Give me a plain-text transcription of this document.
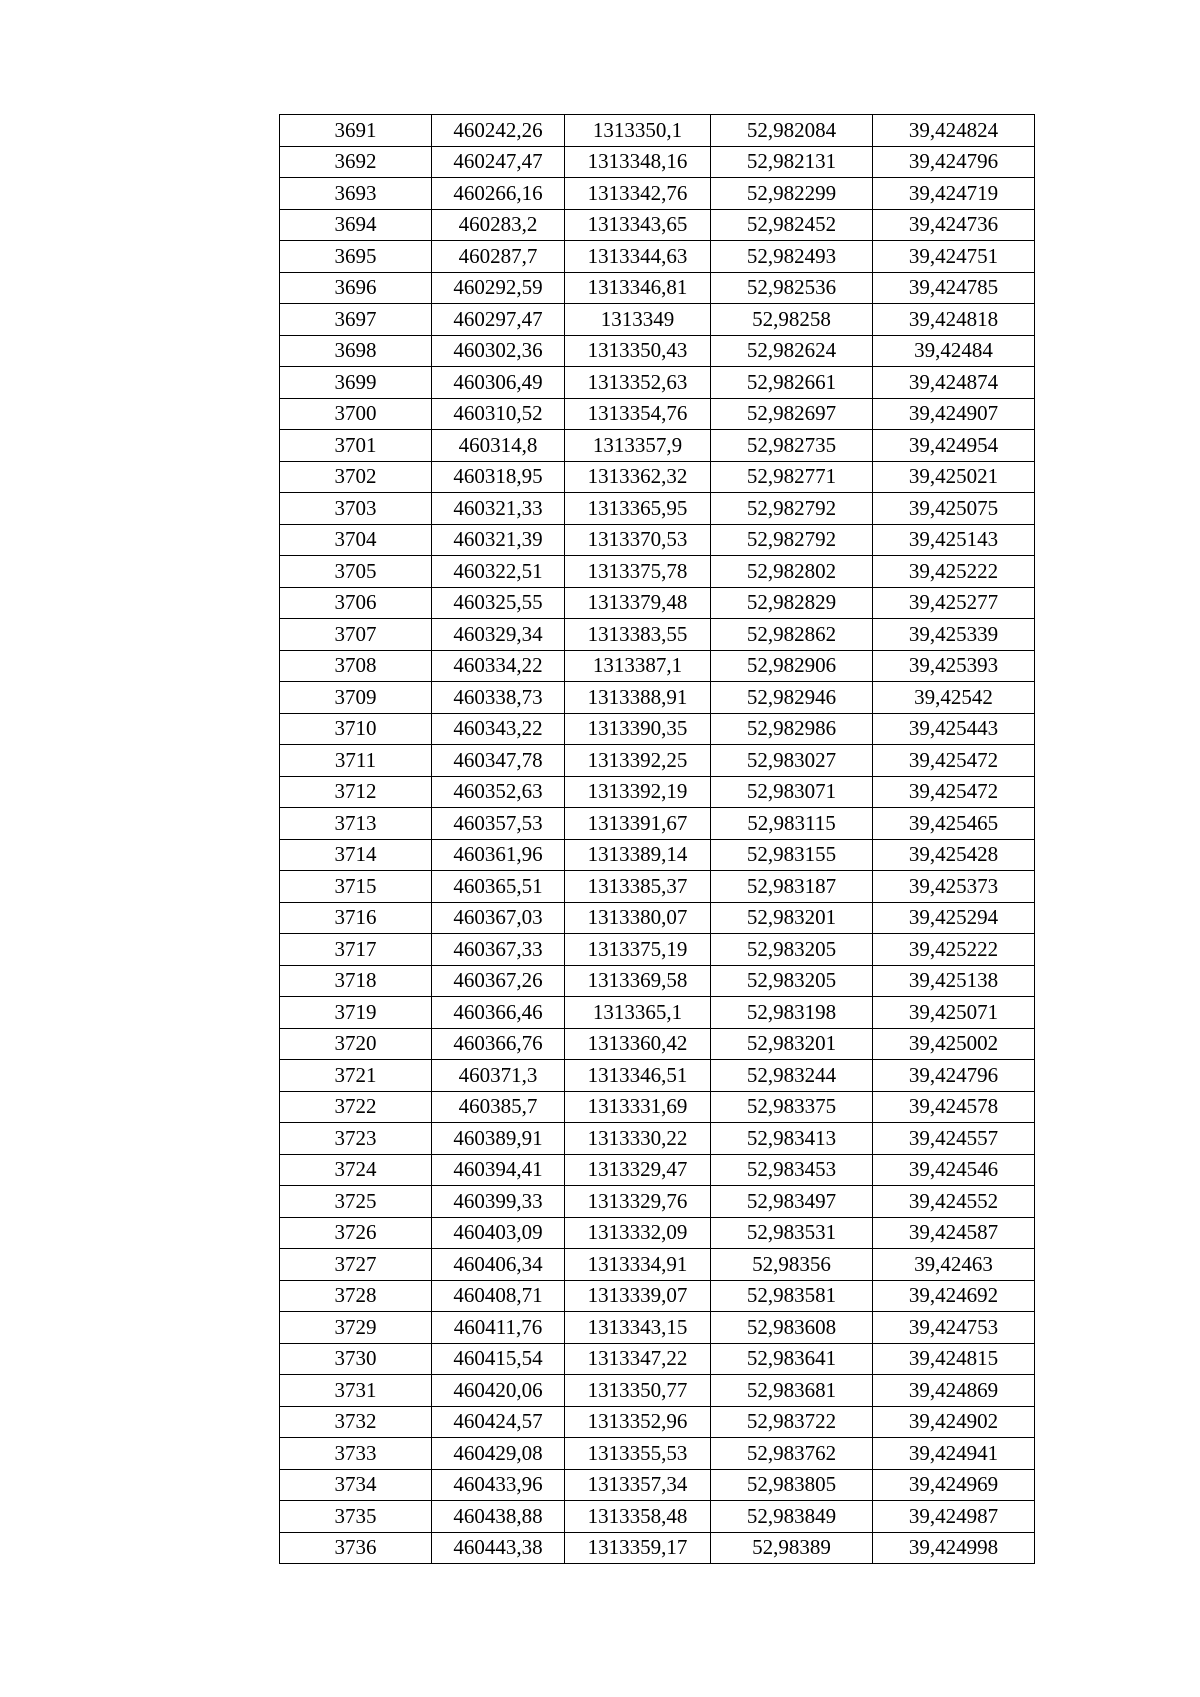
3691	460242,26	1313350,1	52,982084	39,424824
3692	460247,47	1313348,16	52,982131	39,424796
3693	460266,16	1313342,76	52,982299	39,424719
3694	460283,2	1313343,65	52,982452	39,424736
3695	460287,7	1313344,63	52,982493	39,424751
3696	460292,59	1313346,81	52,982536	39,424785
3697	460297,47	1313349	52,98258	39,424818
3698	460302,36	1313350,43	52,982624	39,42484
3699	460306,49	1313352,63	52,982661	39,424874
3700	460310,52	1313354,76	52,982697	39,424907
3701	460314,8	1313357,9	52,982735	39,424954
3702	460318,95	1313362,32	52,982771	39,425021
3703	460321,33	1313365,95	52,982792	39,425075
3704	460321,39	1313370,53	52,982792	39,425143
3705	460322,51	1313375,78	52,982802	39,425222
3706	460325,55	1313379,48	52,982829	39,425277
3707	460329,34	1313383,55	52,982862	39,425339
3708	460334,22	1313387,1	52,982906	39,425393
3709	460338,73	1313388,91	52,982946	39,42542
3710	460343,22	1313390,35	52,982986	39,425443
3711	460347,78	1313392,25	52,983027	39,425472
3712	460352,63	1313392,19	52,983071	39,425472
3713	460357,53	1313391,67	52,983115	39,425465
3714	460361,96	1313389,14	52,983155	39,425428
3715	460365,51	1313385,37	52,983187	39,425373
3716	460367,03	1313380,07	52,983201	39,425294
3717	460367,33	1313375,19	52,983205	39,425222
3718	460367,26	1313369,58	52,983205	39,425138
3719	460366,46	1313365,1	52,983198	39,425071
3720	460366,76	1313360,42	52,983201	39,425002
3721	460371,3	1313346,51	52,983244	39,424796
3722	460385,7	1313331,69	52,983375	39,424578
3723	460389,91	1313330,22	52,983413	39,424557
3724	460394,41	1313329,47	52,983453	39,424546
3725	460399,33	1313329,76	52,983497	39,424552
3726	460403,09	1313332,09	52,983531	39,424587
3727	460406,34	1313334,91	52,98356	39,42463
3728	460408,71	1313339,07	52,983581	39,424692
3729	460411,76	1313343,15	52,983608	39,424753
3730	460415,54	1313347,22	52,983641	39,424815
3731	460420,06	1313350,77	52,983681	39,424869
3732	460424,57	1313352,96	52,983722	39,424902
3733	460429,08	1313355,53	52,983762	39,424941
3734	460433,96	1313357,34	52,983805	39,424969
3735	460438,88	1313358,48	52,983849	39,424987
3736	460443,38	1313359,17	52,98389	39,424998
